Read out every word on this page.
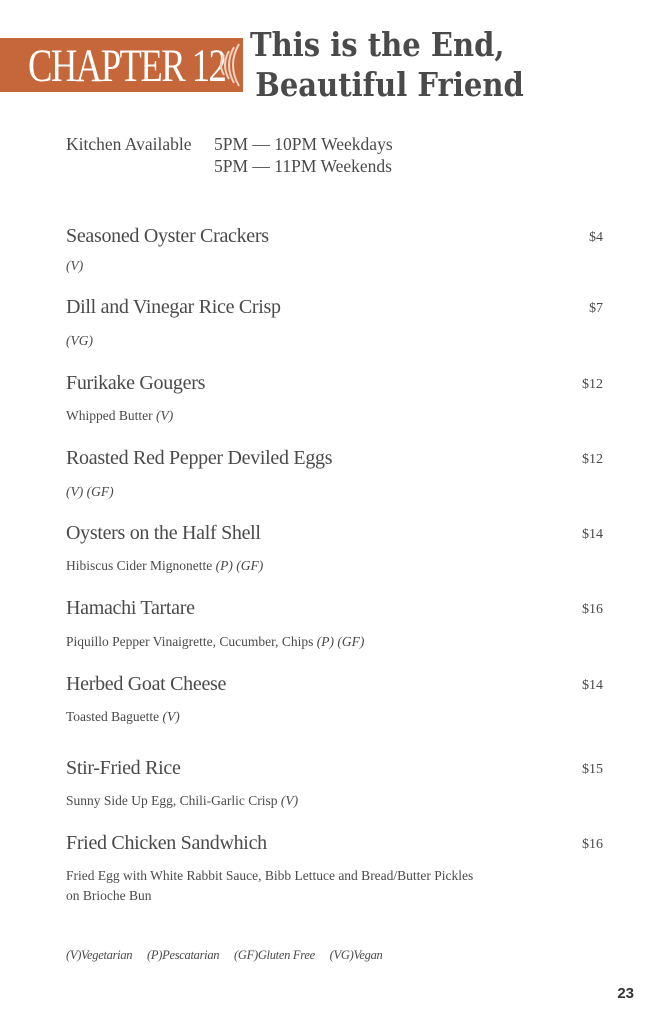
CHAPTER 12 This is the End,
Beautiful Friend
Kitchen Available	5PM — 10PM Weekdays
5PM — 11PM Weekends
Seasoned Oyster Crackers	$4
(V)
Dill and Vinegar Rice Crisp	$7
(VG)
Furikake Gougers	$12
Whipped Butter (V)
Roasted Red Pepper Deviled Eggs	$12
(V) (GF)
Oysters on the Half Shell	$14
Hibiscus Cider Mignonette (P) (GF)
Hamachi Tartare	$16
Piquillo Pepper Vinaigrette, Cucumber, Chips (P) (GF)
Herbed Goat Cheese	$14
Toasted Baguette (V)
Stir-Fried Rice	$15
Sunny Side Up Egg, Chili-Garlic Crisp (V)
Fried Chicken Sandwhich	$16
Fried Egg with White Rabbit Sauce, Bibb Lettuce and Bread/Butter Pickles
on Brioche Bun
(V)Vegetarian (P)Pescatarian (GF)Gluten Free (VG)Vegan
23
